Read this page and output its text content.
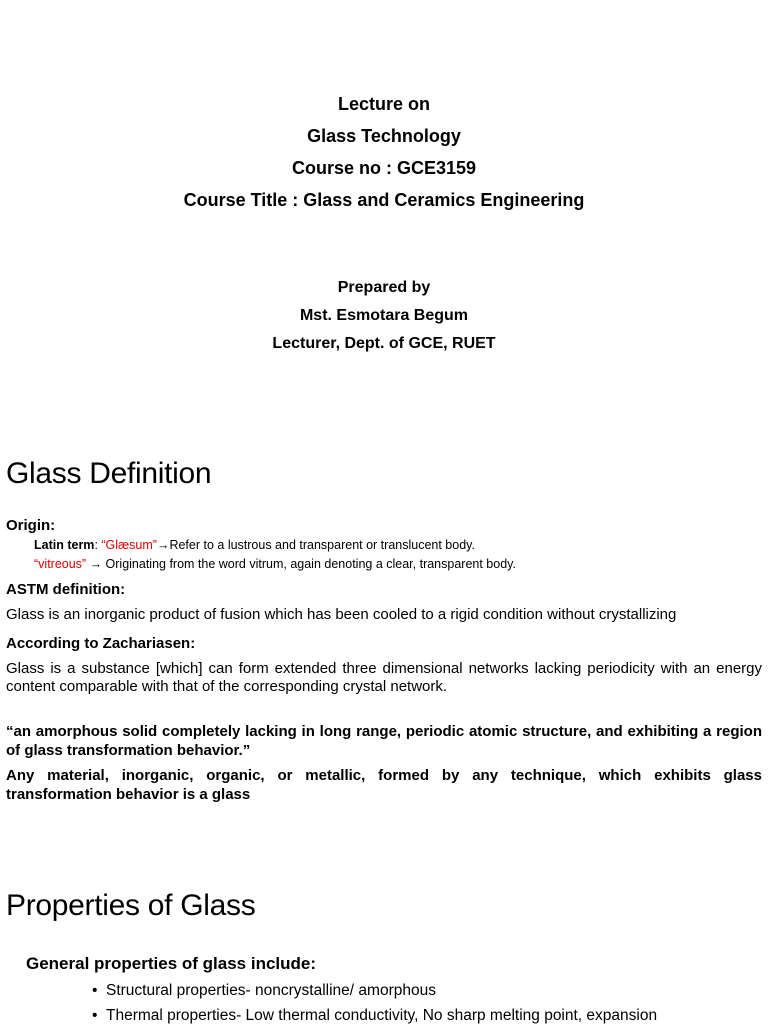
Lecture on
Glass Technology
Course no : GCE3159
Course Title : Glass and Ceramics Engineering
Prepared by
Mst. Esmotara Begum
Lecturer, Dept. of GCE, RUET
Glass Definition

Origin:

Latin term: “Glæsum”→Refer to a lustrous and transparent or translucent body.

“vitreous” → Originating from the word vitrum, again denoting a clear, transparent body.

ASTM definition:

Glass is an inorganic product of fusion which has been cooled to a rigid condition without crystallizing

According to Zachariasen:

Glass is a substance [which] can form extended three dimensional networks lacking periodicity with an energy content comparable with that of the corresponding crystal network.

“an amorphous solid completely lacking in long range, periodic atomic structure, and exhibiting a region of glass transformation behavior.”

Any material, inorganic, organic, or metallic, formed by any technique, which exhibits glass transformation behavior is a glass

Properties of Glass
General properties of glass include:
• Structural properties- noncrystalline/ amorphous
• Thermal properties- Low thermal conductivity, No sharp melting point, expansion
